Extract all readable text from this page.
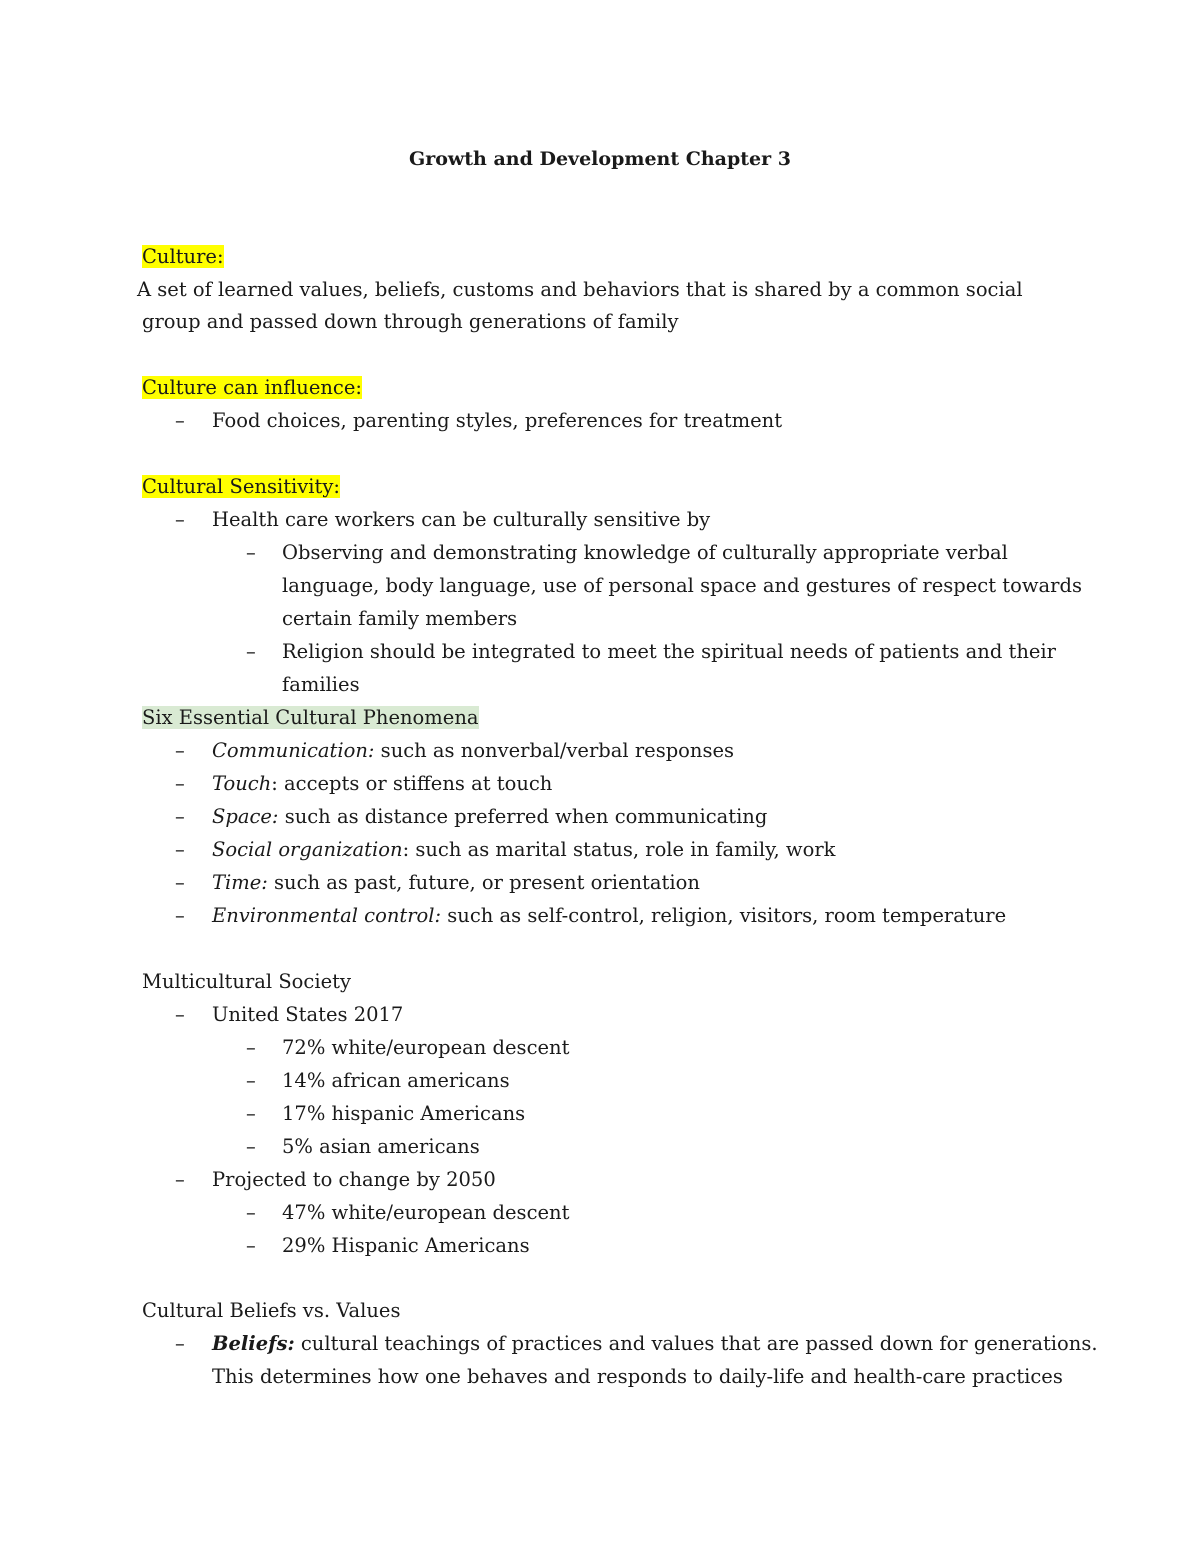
Growth and Development Chapter 3
Culture:
A set of learned values, beliefs, customs and behaviors that is shared by a common social
group and passed down through generations of family
Culture can influence:
– Food choices, parenting styles, preferences for treatment
Cultural Sensitivity:
– Health care workers can be culturally sensitive by
– Observing and demonstrating knowledge of culturally appropriate verbal
language, body language, use of personal space and gestures of respect towards
certain family members
– Religion should be integrated to meet the spiritual needs of patients and their
families
Six Essential Cultural Phenomena
– Communication: such as nonverbal/verbal responses
– Touch: accepts or stiffens at touch
– Space: such as distance preferred when communicating
– Social organization: such as marital status, role in family, work
– Time: such as past, future, or present orientation
– Environmental control: such as self-control, religion, visitors, room temperature
Multicultural Society
– United States 2017
– 72% white/european descent
– 14% african americans
– 17% hispanic Americans
– 5% asian americans
– Projected to change by 2050
– 47% white/european descent
– 29% Hispanic Americans
Cultural Beliefs vs. Values
– Beliefs: cultural teachings of practices and values that are passed down for generations.
This determines how one behaves and responds to daily-life and health-care practices
